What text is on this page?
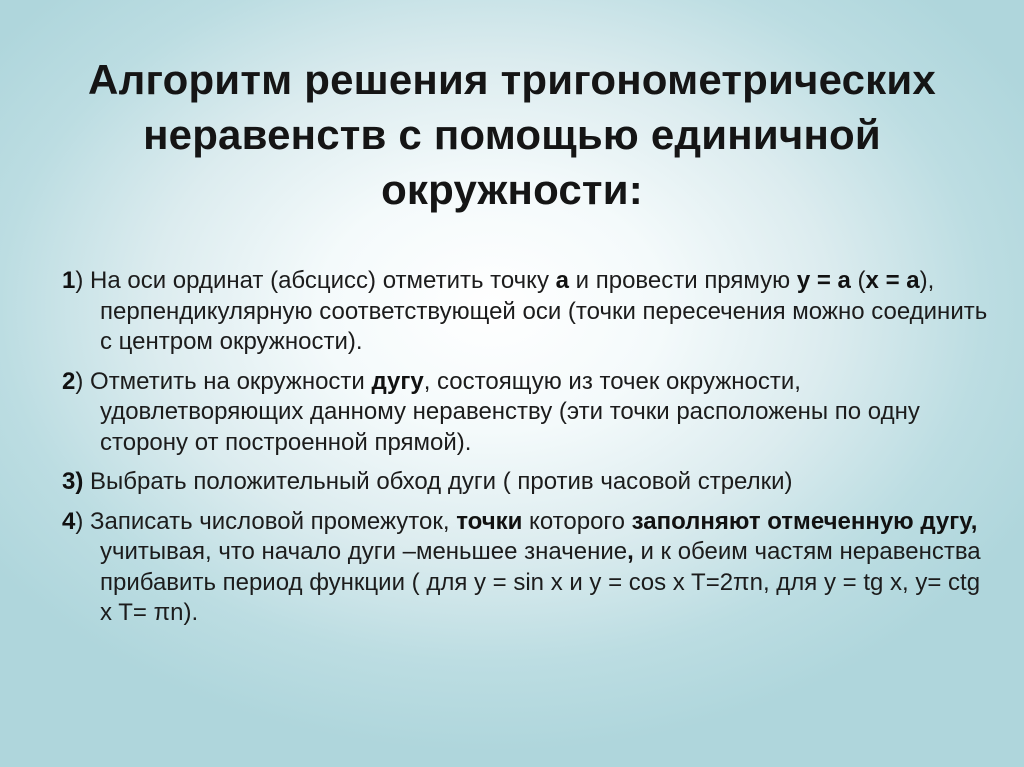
Алгоритм решения тригонометрических
неравенств с помощью единичной
окружности:

1) На оси ординат (абсцисс) отметить точку а и провести прямую у = а (х = а), перпендикулярную соответствующей оси (точки пересечения можно соединить с центром окружности).

2) Отметить на окружности дугу, состоящую из точек окружности, удовлетворяющих данному неравенству (эти точки расположены по одну сторону от построенной прямой).

3) Выбрать положительный обход дуги ( против часовой стрелки)

4) Записать числовой промежуток, точки которого заполняют отмеченную дугу, учитывая, что начало дуги –меньшее значение, и к обеим частям неравенства прибавить период функции ( для у = sin x и y = cos x T=2πn, для y = tg x, y= ctg x T= πn).
